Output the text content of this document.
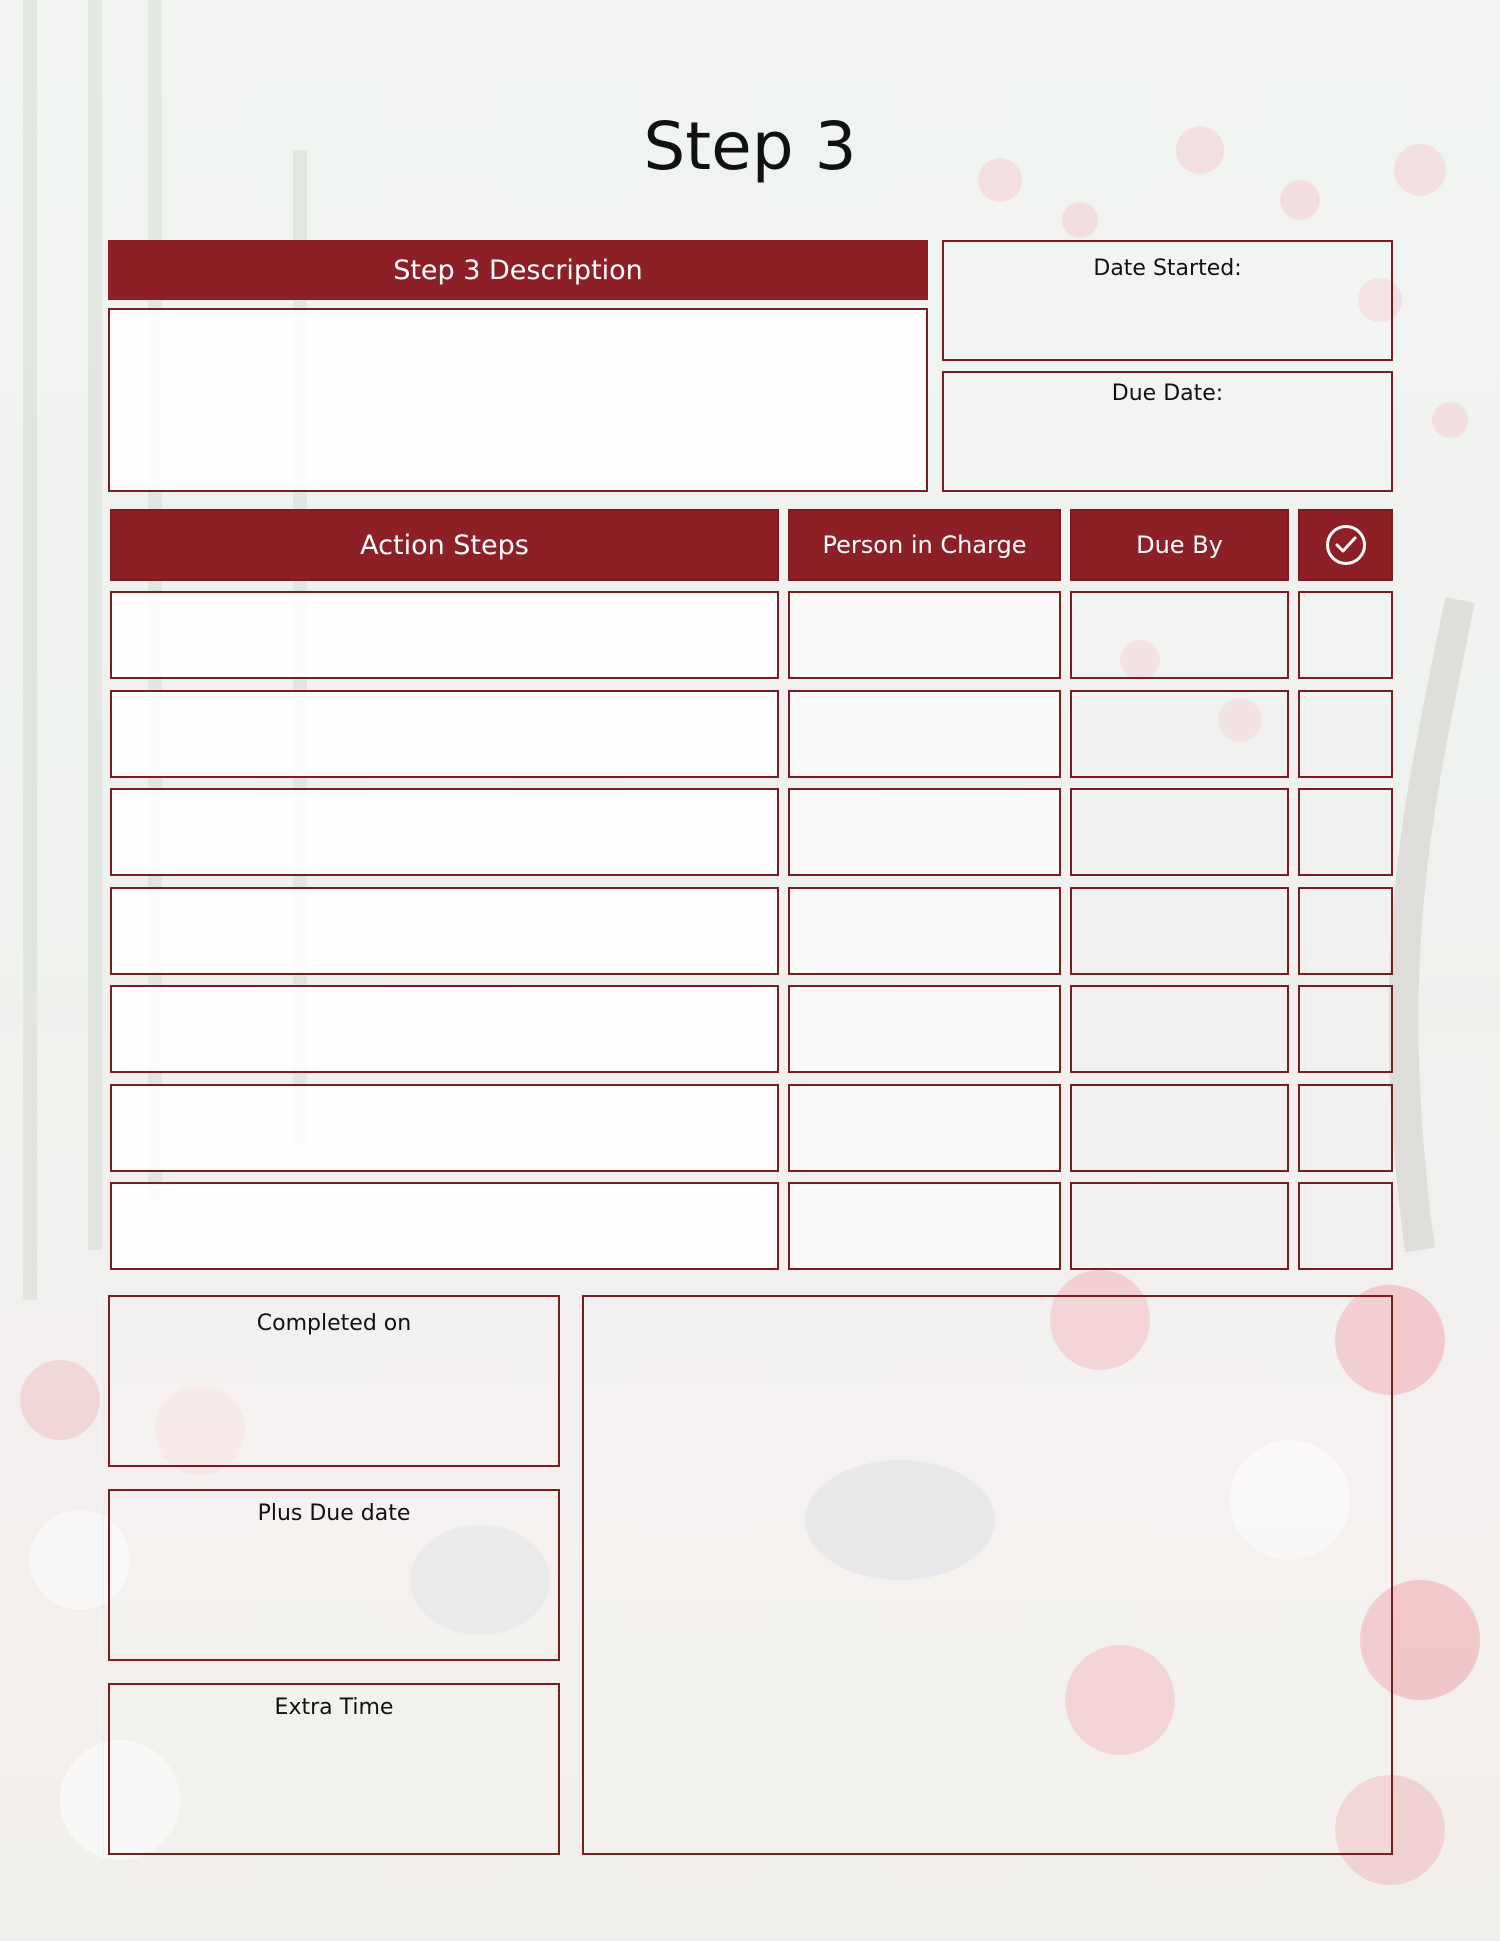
Step 3
Step 3 Description	Date Started:
Due Date:
Action Steps	Person in Charge	Due By
Completed on
Plus Due date
Extra Time
